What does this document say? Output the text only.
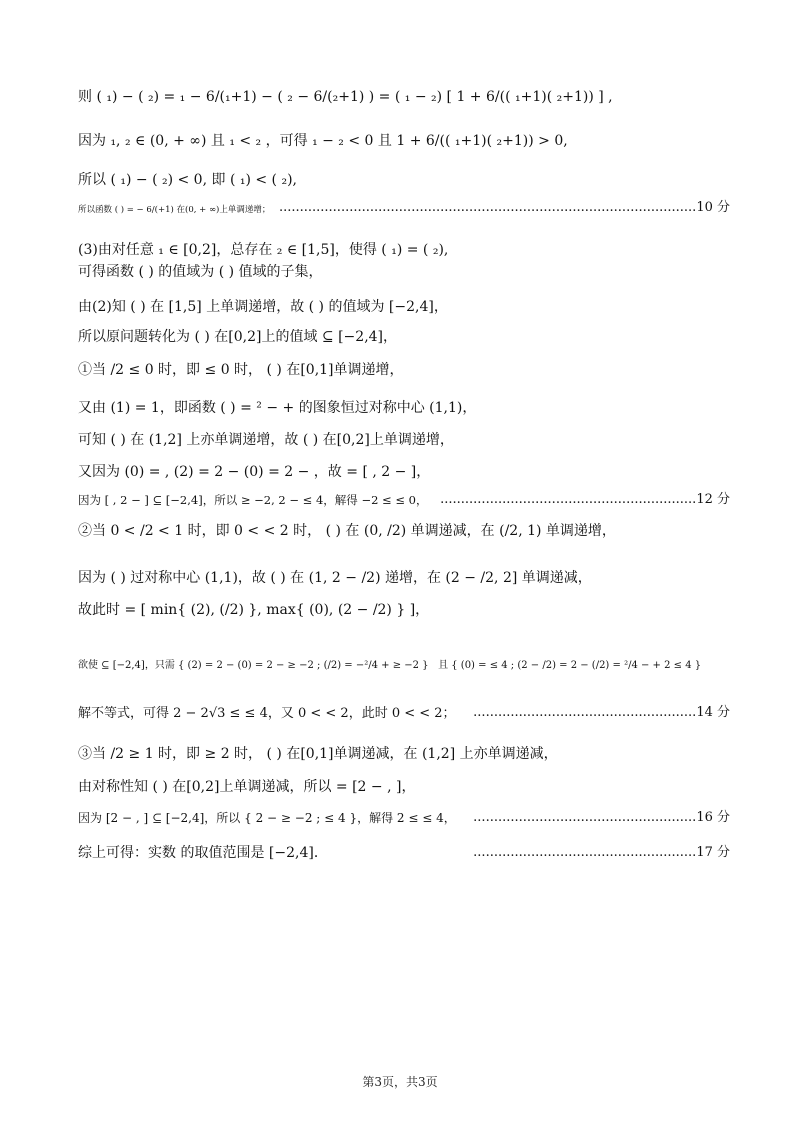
则 ( ₁) − ( ₂) = ₁ − 6/(₁+1) − ( ₂ − 6/(₂+1) ) = ( ₁ − ₂) [ 1 + 6/(( ₁+1)( ₂+1)) ] ,
因为 ₁, ₂ ∈ (0, + ∞) 且 ₁ < ₂ ，可得 ₁ − ₂ < 0 且 1 + 6/(( ₁+1)( ₂+1)) > 0,
所以 ( ₁) − ( ₂) < 0, 即 ( ₁) < ( ₂),
所以函数 ( ) = − 6/(+1) 在(0, + ∞)上单调递增； .....................................................................................................10 分
(3)由对任意 ₁ ∈ [0,2]，总存在 ₂ ∈ [1,5]，使得 ( ₁) = ( ₂),
可得函数 ( ) 的值域为 ( ) 值域的子集，
由(2)知 ( ) 在 [1,5] 上单调递增，故 ( ) 的值域为 [−2,4]，
所以原问题转化为 ( ) 在[0,2]上的值域 ⊆ [−2,4]，
①当 /2 ≤ 0 时，即 ≤ 0 时， ( ) 在[0,1]单调递增，
又由 (1) = 1，即函数 ( ) = ² − + 的图象恒过对称中心 (1,1)，
可知 ( ) 在 (1,2] 上亦单调递增，故 ( ) 在[0,2]上单调递增，
又因为 (0) = , (2) = 2 − (0) = 2 − ，故 = [ , 2 − ]，
因为 [ , 2 − ] ⊆ [−2,4]，所以 ≥ −2, 2 − ≤ 4，解得 −2 ≤ ≤ 0， ..............................................................12 分
②当 0 < /2 < 1 时，即 0 < < 2 时， ( ) 在 (0, /2) 单调递减，在 (/2, 1) 单调递增，
因为 ( ) 过对称中心 (1,1)，故 ( ) 在 (1, 2 − /2) 递增，在 (2 − /2, 2] 单调递减，
故此时 = [ min{ (2), (/2) }, max{ (0), (2 − /2) } ]，
欲使 ⊆ [−2,4]，只需 { (2) = 2 − (0) = 2 − ≥ −2 ; (/2) = −²/4 + ≥ −2 }   且 { (0) = ≤ 4 ; (2 − /2) = 2 − (/2) = ²/4 − + 2 ≤ 4 }
解不等式，可得 2 − 2√3 ≤ ≤ 4，又 0 < < 2，此时 0 < < 2； ......................................................14 分
③当 /2 ≥ 1 时，即 ≥ 2 时， ( ) 在[0,1]单调递减，在 (1,2] 上亦单调递减，
由对称性知 ( ) 在[0,2]上单调递减，所以 = [2 − , ]，
因为 [2 − , ] ⊆ [−2,4]，所以 { 2 − ≥ −2 ; ≤ 4 }，解得 2 ≤ ≤ 4， ......................................................16 分
综上可得：实数 的取值范围是 [−2,4]．	......................................................17 分
第3页，共3页
